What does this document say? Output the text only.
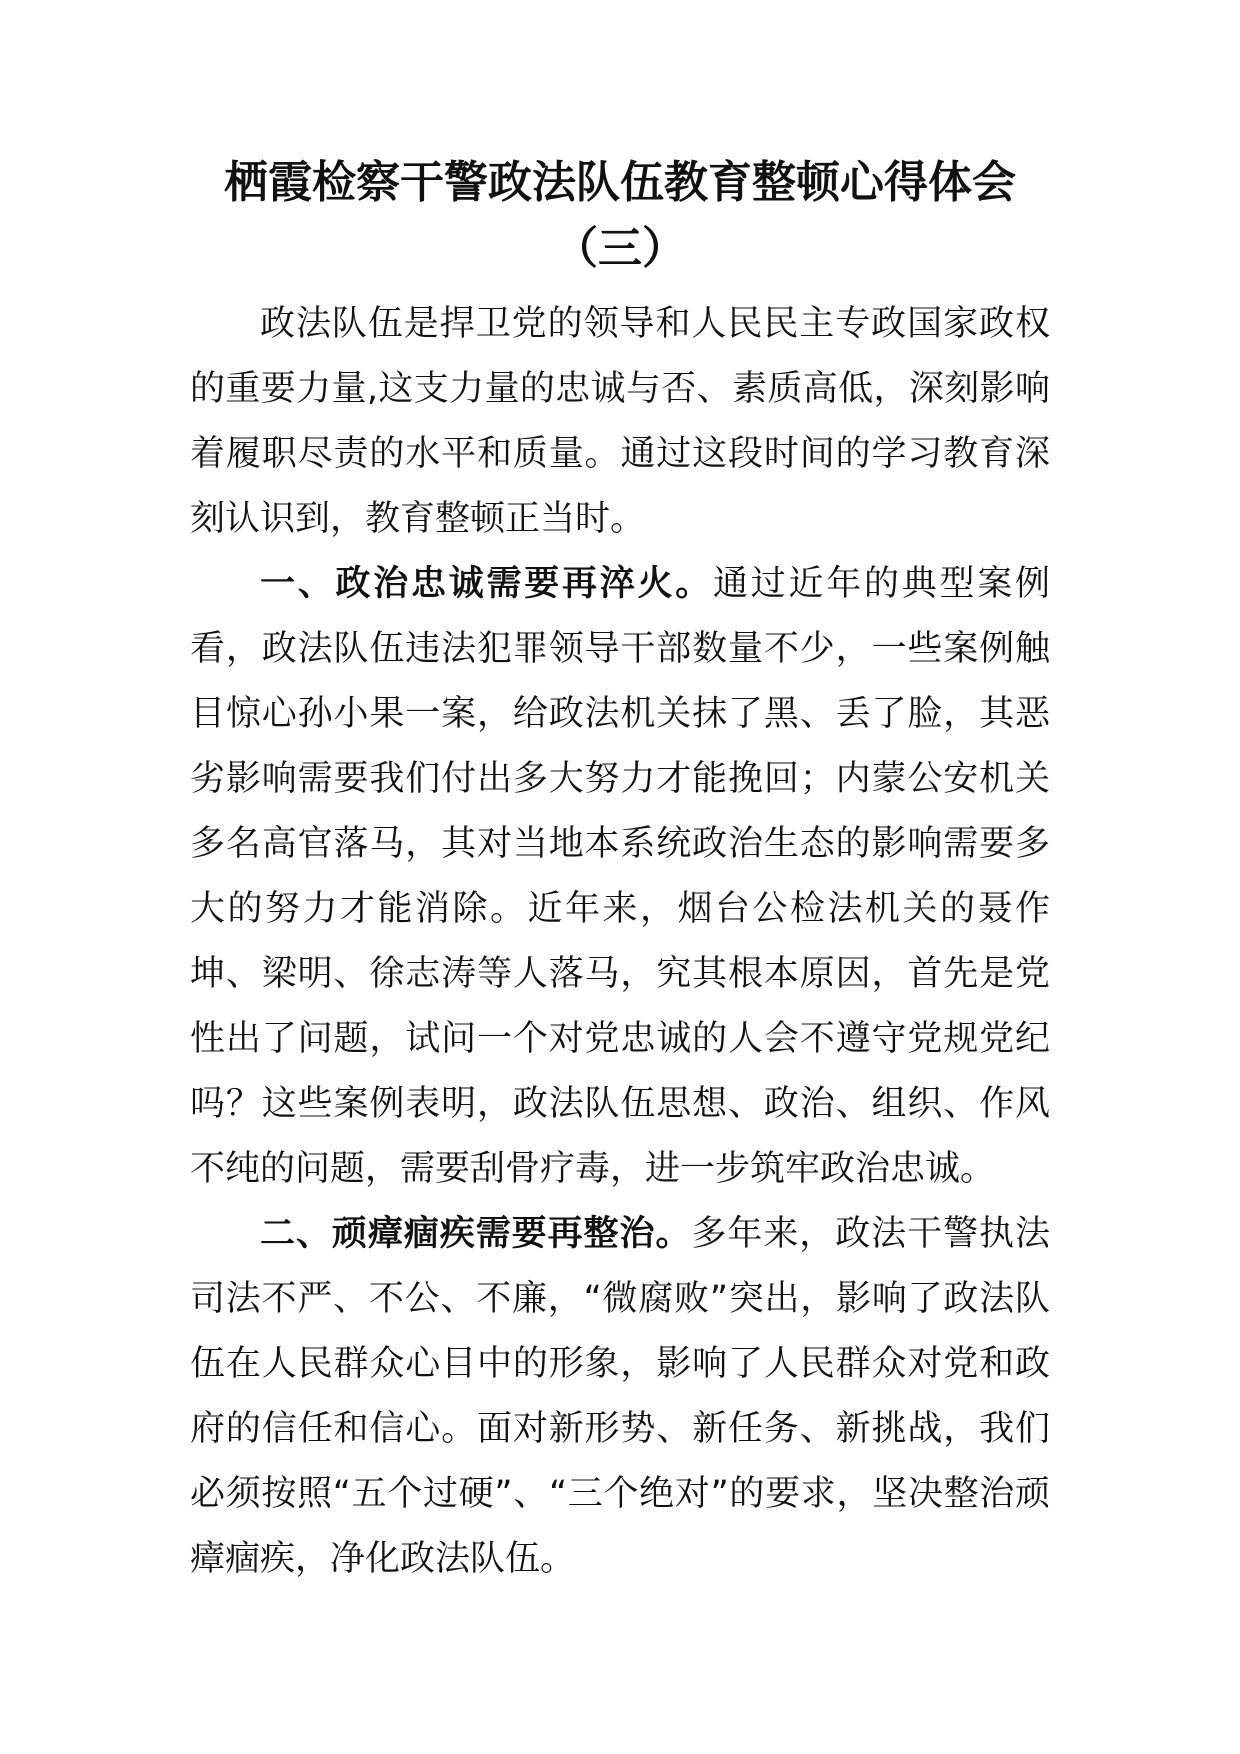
栖霞检察干警政法队伍教育整顿心得体会
（三）

政法队伍是捍卫党的领导和人民民主专政国家政权的重要力量,这支力量的忠诚与否、素质高低，深刻影响着履职尽责的水平和质量。通过这段时间的学习教育深刻认识到，教育整顿正当时。

一、政治忠诚需要再淬火。通过近年的典型案例看，政法队伍违法犯罪领导干部数量不少，一些案例触目惊心孙小果一案，给政法机关抹了黑、丢了脸，其恶劣影响需要我们付出多大努力才能挽回；内蒙公安机关多名高官落马，其对当地本系统政治生态的影响需要多大的努力才能消除。近年来，烟台公检法机关的聂作坤、梁明、徐志涛等人落马，究其根本原因，首先是党性出了问题，试问一个对党忠诚的人会不遵守党规党纪吗？这些案例表明，政法队伍思想、政治、组织、作风不纯的问题，需要刮骨疗毒，进一步筑牢政治忠诚。

二、顽瘴痼疾需要再整治。多年来，政法干警执法司法不严、不公、不廉，“微腐败”突出，影响了政法队伍在人民群众心目中的形象，影响了人民群众对党和政府的信任和信心。面对新形势、新任务、新挑战，我们必须按照“五个过硬”、“三个绝对”的要求，坚决整治顽瘴痼疾，净化政法队伍。
